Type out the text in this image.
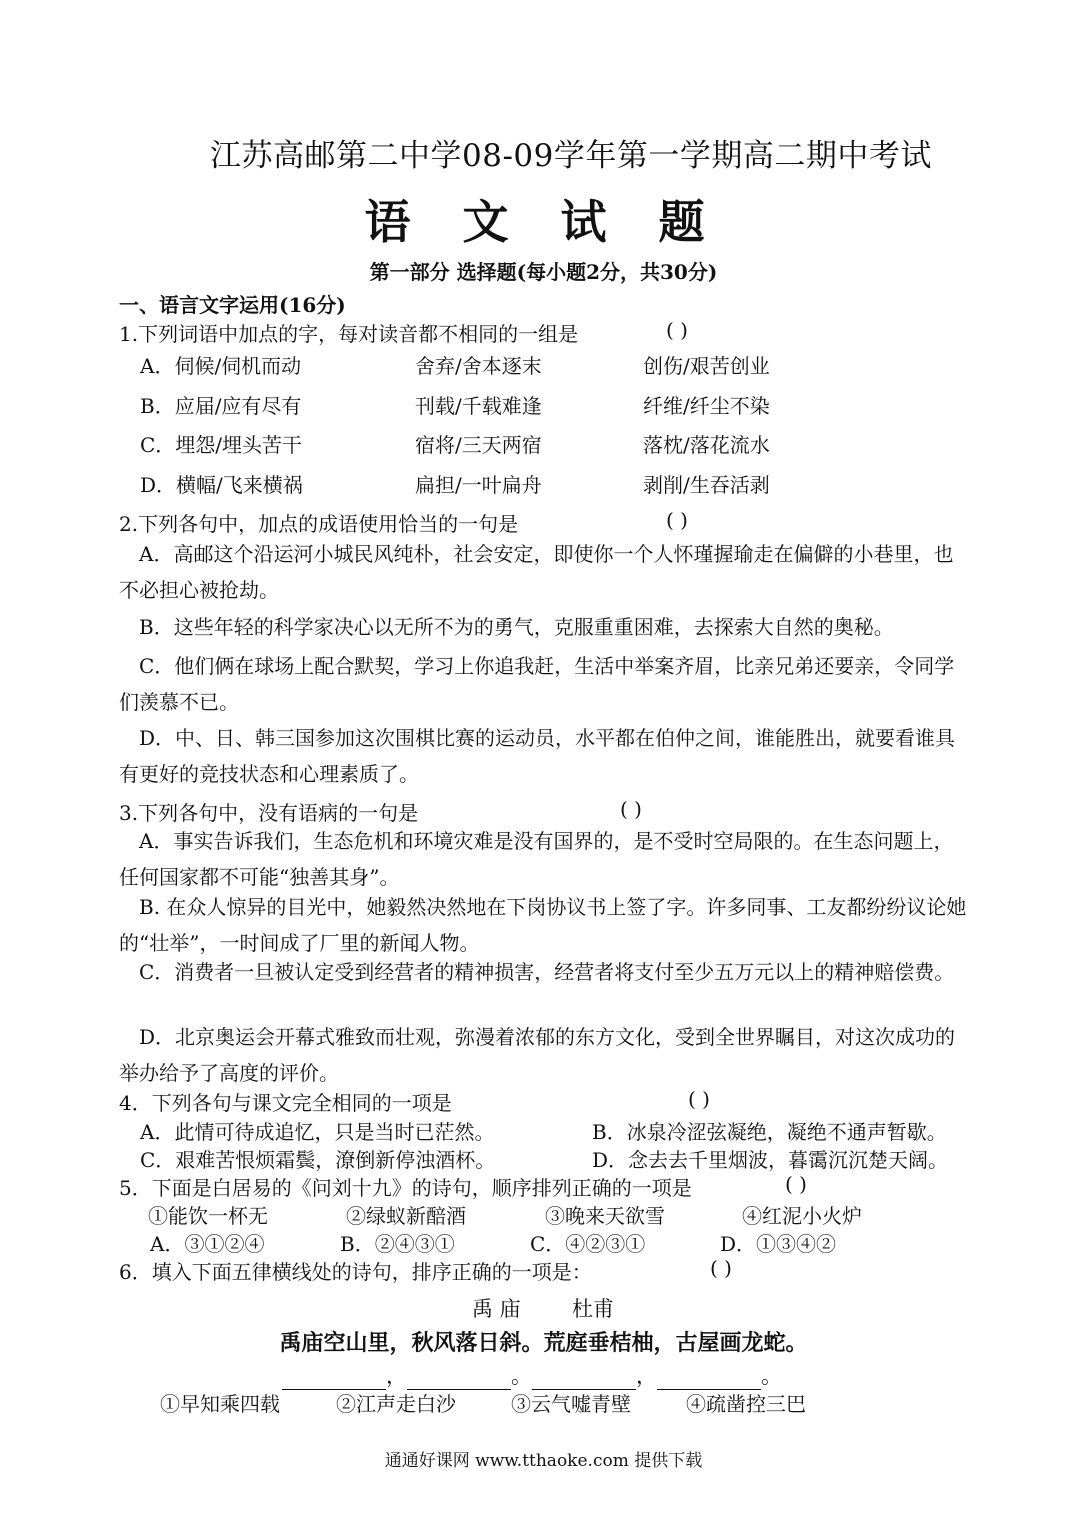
江苏高邮第二中学08-09学年第一学期高二期中考试
语 文 试 题
第一部分 选择题(每小题2分，共30分)
一、语言文字运用(16分)
1.下列词语中加点的字，每对读音都不相同的一组是	( )
A．伺候/伺机而动	舍弃/舍本逐末	创伤/艰苦创业
B．应届/应有尽有	刊载/千载难逢	纤维/纤尘不染
C．埋怨/埋头苦干	宿将/三天两宿	落枕/落花流水
D．横幅/飞来横祸	扁担/一叶扁舟	剥削/生吞活剥
2.下列各句中，加点的成语使用恰当的一句是	( )
A．高邮这个沿运河小城民风纯朴，社会安定，即使你一个人怀瑾握瑜走在偏僻的小巷里，也不必担心被抢劫。
B．这些年轻的科学家决心以无所不为的勇气，克服重重困难，去探索大自然的奥秘。
C．他们俩在球场上配合默契，学习上你追我赶，生活中举案齐眉，比亲兄弟还要亲，令同学们羡慕不已。
D．中、日、韩三国参加这次围棋比赛的运动员，水平都在伯仲之间，谁能胜出，就要看谁具有更好的竞技状态和心理素质了。
3.下列各句中，没有语病的一句是	( )
A．事实告诉我们，生态危机和环境灾难是没有国界的，是不受时空局限的。在生态问题上，任何国家都不可能“独善其身”。
B. 在众人惊异的目光中，她毅然决然地在下岗协议书上签了字。许多同事、工友都纷纷议论她的“壮举”，一时间成了厂里的新闻人物。
C．消费者一旦被认定受到经营者的精神损害，经营者将支付至少五万元以上的精神赔偿费。
D．北京奥运会开幕式雅致而壮观，弥漫着浓郁的东方文化，受到全世界瞩目，对这次成功的举办给予了高度的评价。
4．下列各句与课文完全相同的一项是	( )
A．此情可待成追忆，只是当时已茫然。	B．冰泉冷涩弦凝绝，凝绝不通声暂歇。
C．艰难苦恨烦霜鬓，潦倒新停浊酒杯。	D．念去去千里烟波，暮霭沉沉楚天阔。
5．下面是白居易的《问刘十九》的诗句，顺序排列正确的一项是	( )
①能饮一杯无	②绿蚁新醅酒	③晚来天欲雪	④红泥小火炉
A．③①②④	B．②④③①	C．④②③①	D．①③④②
6．填入下面五律横线处的诗句，排序正确的一项是：	( )
禹 庙 杜甫
禹庙空山里，秋风落日斜。荒庭垂桔柚，古屋画龙蛇。
，	。	，	。
①早知乘四载	②江声走白沙	③云气嘘青壁	④疏凿控三巴
通通好课网 www.tthaoke.com 提供下载
